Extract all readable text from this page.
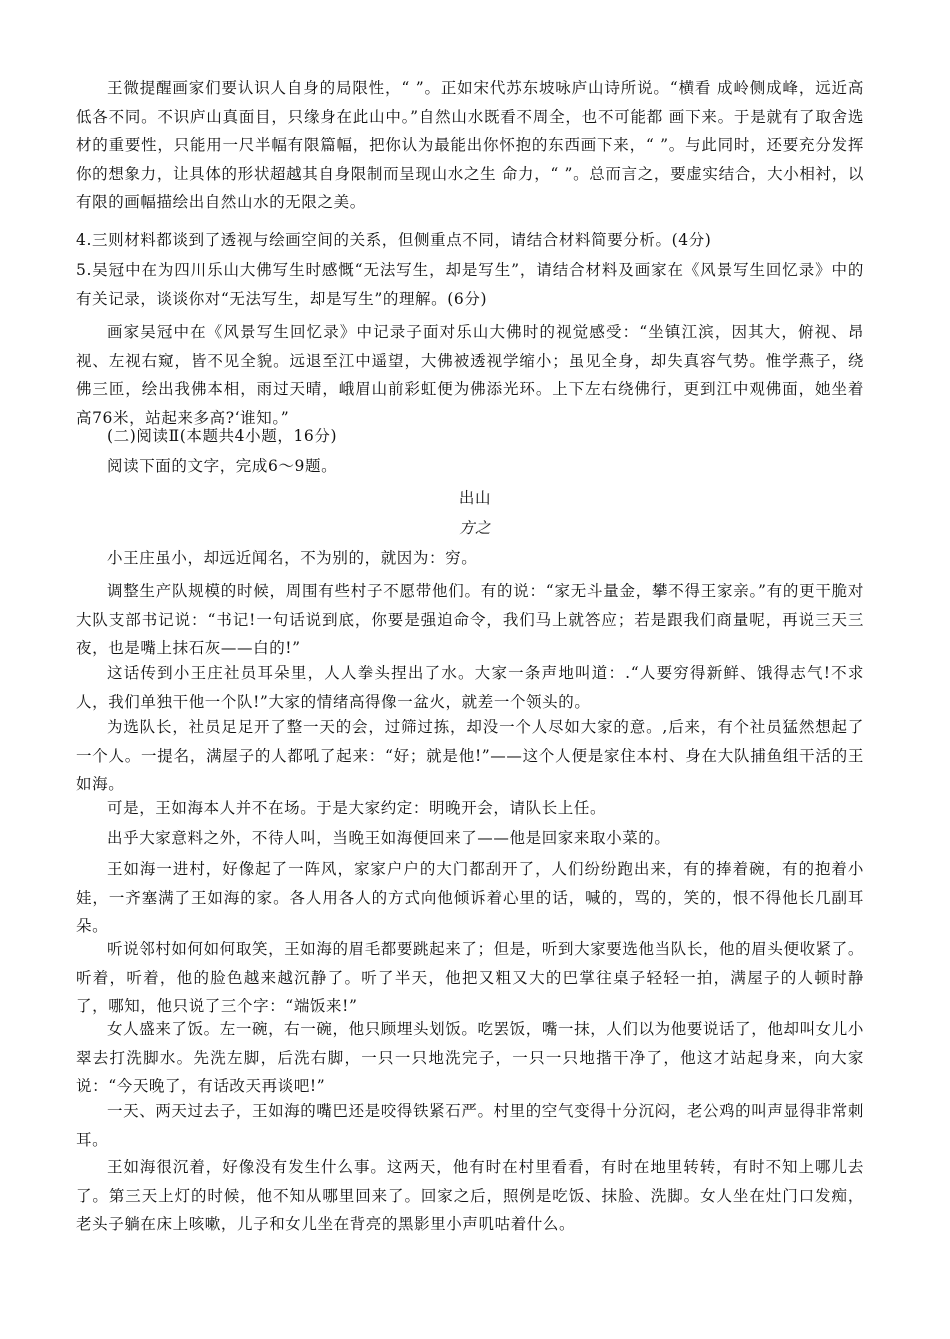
王微提醒画家们要认识人自身的局限性，“ ”。正如宋代苏东坡咏庐山诗所说。“横看 成岭侧成峰，远近高低各不同。不识庐山真面目，只缘身在此山中。”自然山水既看不周全，也不可能都 画下来。于是就有了取舍选材的重要性，只能用一尺半幅有限篇幅，把你认为最能出你怀抱的东西画下来，“ ”。与此同时，还要充分发挥你的想象力，让具体的形状超越其自身限制而呈现山水之生 命力，“ ”。总而言之，要虚实结合，大小相衬，以有限的画幅描绘出自然山水的无限之美。

4.三则材料都谈到了透视与绘画空间的关系，但侧重点不同，请结合材料简要分析。(4分)

5.吴冠中在为四川乐山大佛写生时感慨“无法写生，却是写生”，请结合材料及画家在《风景写生回忆录》中的有关记录，谈谈你对“无法写生，却是写生”的理解。(6分)

画家吴冠中在《风景写生回忆录》中记录子面对乐山大佛时的视觉感受：“坐镇江滨，因其大，俯视、昂视、左视右窥，皆不见全貌。远退至江中遥望，大佛被透视学缩小；虽见全身，却失真容气势。惟学燕子，绕佛三匝，绘出我佛本相，雨过天晴，峨眉山前彩虹便为佛添光环。上下左右绕佛行，更到江中观佛面，她坐着高76米，站起来多高?‘谁知。”

(二)阅读Ⅱ(本题共4小题，16分)

阅读下面的文字，完成6～9题。

出山

方之

小王庄虽小，却远近闻名，不为别的，就因为：穷。

调整生产队规模的时候，周围有些村子不愿带他们。有的说：“家无斗量金，攀不得王家亲。”有的更干脆对大队支部书记说：“书记!一句话说到底，你要是强迫命令，我们马上就答应；若是跟我们商量呢，再说三天三夜，也是嘴上抹石灰——白的!”

这话传到小王庄社员耳朵里，人人拳头捏出了水。大家一条声地叫道：.“人要穷得新鲜、饿得志气!不求人，我们单独干他一个队!”大家的情绪高得像一盆火，就差一个领头的。

为选队长，社员足足开了整一天的会，过筛过拣，却没一个人尽如大家的意。,后来，有个社员猛然想起了一个人。一提名，满屋子的人都吼了起来：“好；就是他!”——这个人便是家住本村、身在大队捕鱼组干活的王如海。

可是，王如海本人并不在场。于是大家约定：明晚开会，请队长上任。

出乎大家意料之外，不待人叫，当晚王如海便回来了——他是回家来取小菜的。

王如海一进村，好像起了一阵风，家家户户的大门都刮开了，人们纷纷跑出来，有的捧着碗，有的抱着小娃，一齐塞满了王如海的家。各人用各人的方式向他倾诉着心里的话，喊的，骂的，笑的，恨不得他长几副耳朵。

听说邻村如何如何取笑，王如海的眉毛都要跳起来了；但是，听到大家要选他当队长，他的眉头便收紧了。听着，听着，他的脸色越来越沉静了。听了半天，他把又粗又大的巴掌往桌子轻轻一拍，满屋子的人顿时静了，哪知，他只说了三个字：“端饭来!”

女人盛来了饭。左一碗，右一碗，他只顾埋头划饭。吃罢饭，嘴一抹，人们以为他要说话了，他却叫女儿小翠去打洗脚水。先洗左脚，后洗右脚，一只一只地洗完子，一只一只地揩干净了，他这才站起身来，向大家说：“今天晚了，有话改天再谈吧!”

一天、两天过去子，王如海的嘴巴还是咬得铁紧石严。村里的空气变得十分沉闷，老公鸡的叫声显得非常刺耳。

王如海很沉着，好像没有发生什么事。这两天，他有时在村里看看，有时在地里转转，有时不知上哪儿去了。第三天上灯的时候，他不知从哪里回来了。回家之后，照例是吃饭、抹脸、洗脚。女人坐在灶门口发痴，老头子躺在床上咳嗽，儿子和女儿坐在背亮的黑影里小声叽咕着什么。
